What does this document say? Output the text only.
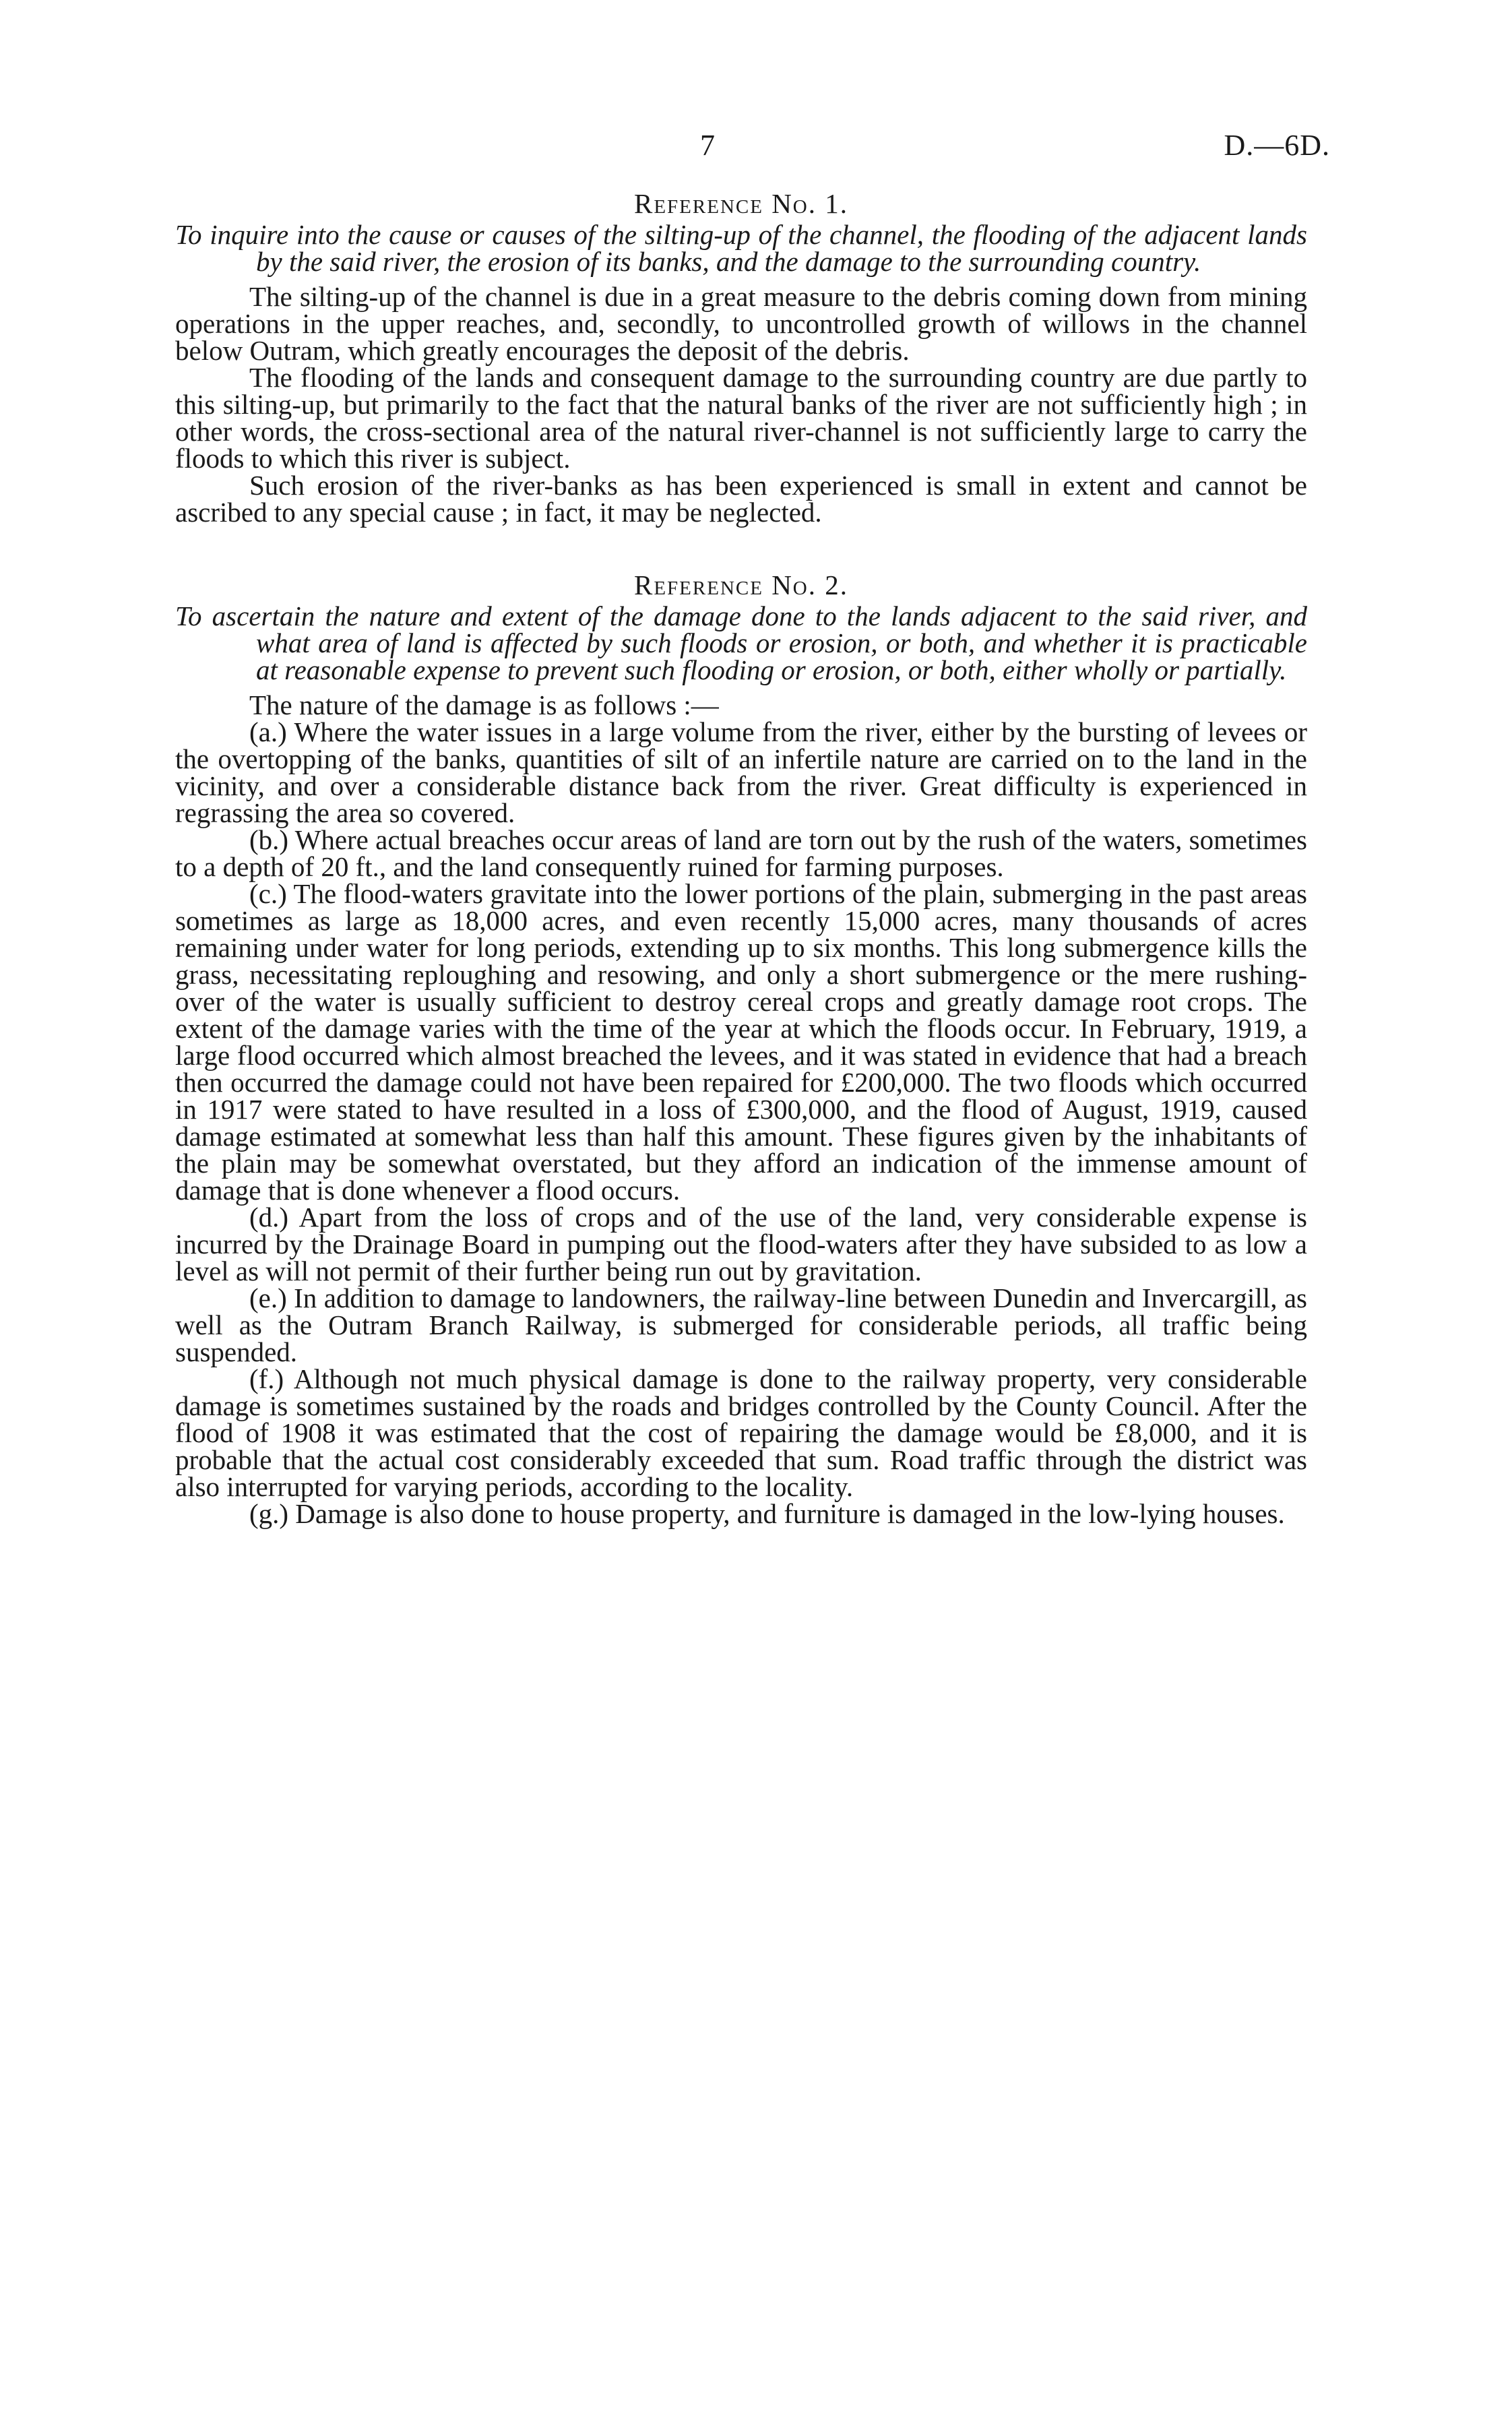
7	D.—6D.
Reference No. 1.
To inquire into the cause or causes of the silting-up of the channel, the flooding of the adjacent lands by the said river, the erosion of its banks, and the damage to the surrounding country.

The silting-up of the channel is due in a great measure to the debris coming down from mining operations in the upper reaches, and, secondly, to uncontrolled growth of willows in the channel below Outram, which greatly encourages the deposit of the debris.

The flooding of the lands and consequent damage to the surrounding country are due partly to this silting-up, but primarily to the fact that the natural banks of the river are not sufficiently high ; in other words, the cross-sectional area of the natural river-channel is not sufficiently large to carry the floods to which this river is subject.

Such erosion of the river-banks as has been experienced is small in extent and cannot be ascribed to any special cause ; in fact, it may be neglected.

Reference No. 2.
To ascertain the nature and extent of the damage done to the lands adjacent to the said river, and what area of land is affected by such floods or erosion, or both, and whether it is practicable at reasonable expense to prevent such flooding or erosion, or both, either wholly or partially.

The nature of the damage is as follows :—

(a.) Where the water issues in a large volume from the river, either by the bursting of levees or the overtopping of the banks, quantities of silt of an infertile nature are carried on to the land in the vicinity, and over a considerable distance back from the river. Great difficulty is experienced in regrassing the area so covered.

(b.) Where actual breaches occur areas of land are torn out by the rush of the waters, sometimes to a depth of 20 ft., and the land consequently ruined for farming purposes.

(c.) The flood-waters gravitate into the lower portions of the plain, submerging in the past areas sometimes as large as 18,000 acres, and even recently 15,000 acres, many thousands of acres remaining under water for long periods, extending up to six months. This long submergence kills the grass, necessitating reploughing and resowing, and only a short submergence or the mere rushing-over of the water is usually sufficient to destroy cereal crops and greatly damage root crops. The extent of the damage varies with the time of the year at which the floods occur. In February, 1919, a large flood occurred which almost breached the levees, and it was stated in evidence that had a breach then occurred the damage could not have been repaired for £200,000. The two floods which occurred in 1917 were stated to have resulted in a loss of £300,000, and the flood of August, 1919, caused damage estimated at somewhat less than half this amount. These figures given by the inhabitants of the plain may be somewhat overstated, but they afford an indication of the immense amount of damage that is done whenever a flood occurs.

(d.) Apart from the loss of crops and of the use of the land, very considerable expense is incurred by the Drainage Board in pumping out the flood-waters after they have subsided to as low a level as will not permit of their further being run out by gravitation.

(e.) In addition to damage to landowners, the railway-line between Dunedin and Invercargill, as well as the Outram Branch Railway, is submerged for considerable periods, all traffic being suspended.

(f.) Although not much physical damage is done to the railway property, very considerable damage is sometimes sustained by the roads and bridges controlled by the County Council. After the flood of 1908 it was estimated that the cost of repairing the damage would be £8,000, and it is probable that the actual cost considerably exceeded that sum. Road traffic through the district was also interrupted for varying periods, according to the locality.

(g.) Damage is also done to house property, and furniture is damaged in the low-lying houses.
